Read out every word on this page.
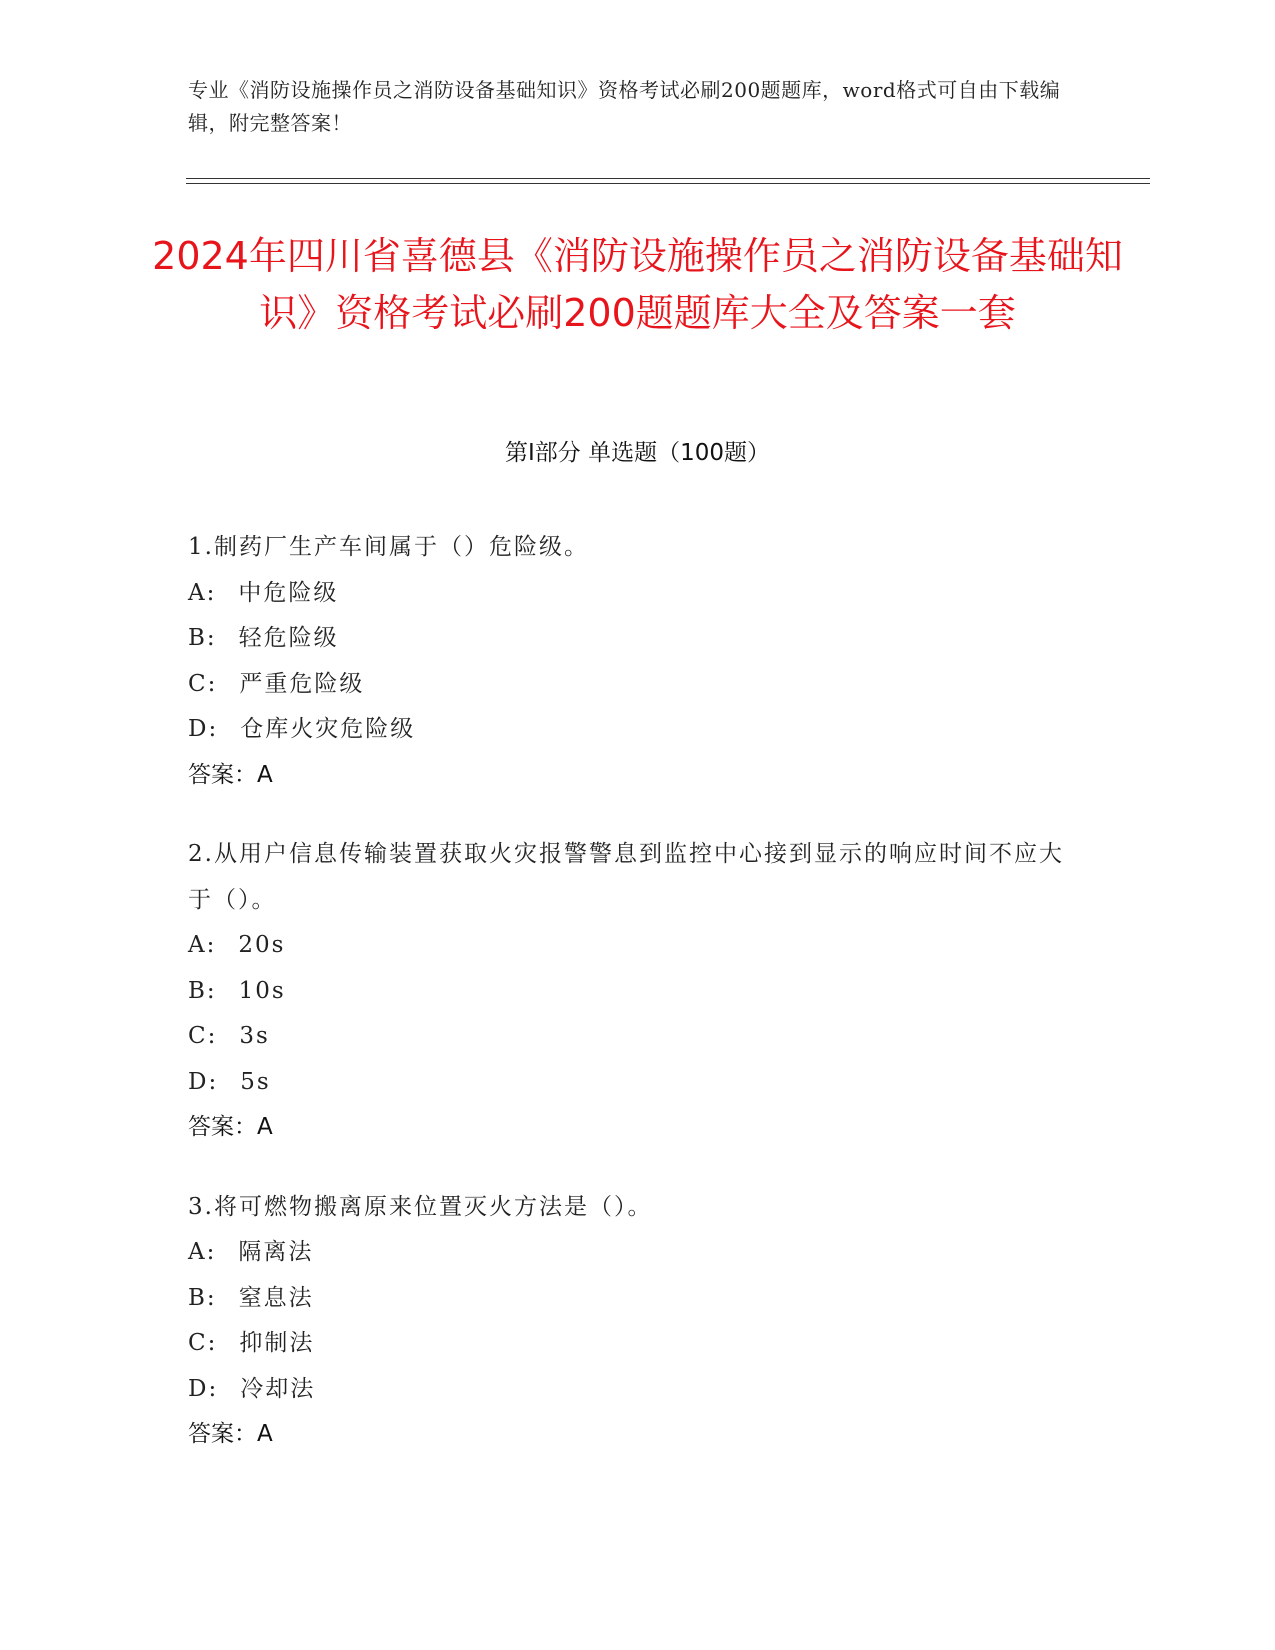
专业《消防设施操作员之消防设备基础知识》资格考试必刷200题题库，word格式可自由下载编辑，附完整答案！
2024年四川省喜德县《消防设施操作员之消防设备基础知识》资格考试必刷200题题库大全及答案一套
第Ⅰ部分 单选题（100题）
1.制药厂生产车间属于（）危险级。
A: 中危险级
B: 轻危险级
C: 严重危险级
D: 仓库火灾危险级
答案：A
2.从用户信息传输装置获取火灾报警警息到监控中心接到显示的响应时间不应大于（）。
A: 20s
B: 10s
C: 3s
D: 5s
答案：A
3.将可燃物搬离原来位置灭火方法是（）。
A: 隔离法
B: 窒息法
C: 抑制法
D: 冷却法
答案：A
